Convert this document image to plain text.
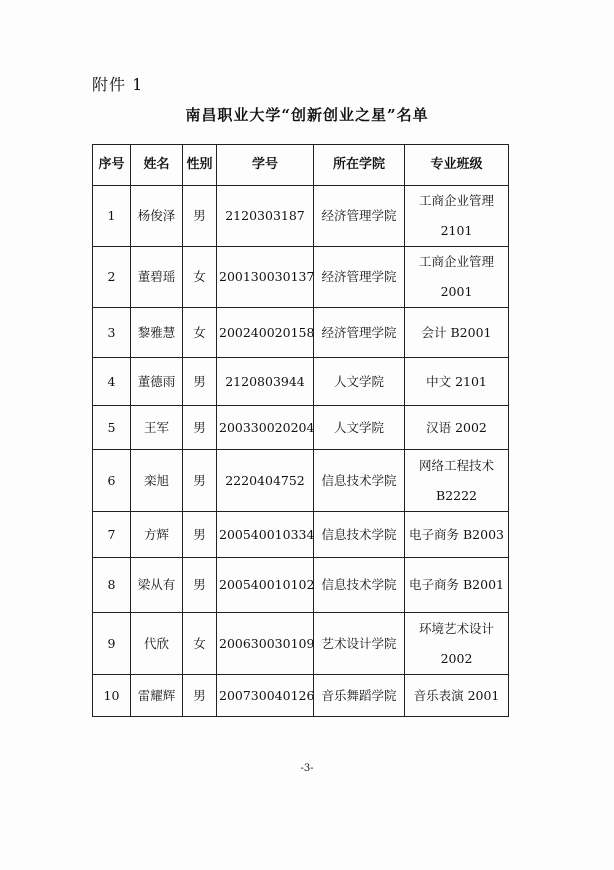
附件 1
南昌职业大学“创新创业之星”名单
序号	姓名	性别	学号	所在学院	专业班级
1	杨俊泽	男	2120303187	经济管理学院	工商企业管理2101
2	董碧瑶	女	200130030137	经济管理学院	工商企业管理2001
3	黎雅慧	女	200240020158	经济管理学院	会计 B2001
4	董德雨	男	2120803944	人文学院	中文 2101
5	王军	男	200330020204	人文学院	汉语 2002
6	栾旭	男	2220404752	信息技术学院	网络工程技术B2222
7	方辉	男	200540010334	信息技术学院	电子商务 B2003
8	梁从有	男	200540010102	信息技术学院	电子商务 B2001
9	代欣	女	200630030109	艺术设计学院	环境艺术设计2002
10	雷耀辉	男	200730040126	音乐舞蹈学院	音乐表演 2001
-3-
